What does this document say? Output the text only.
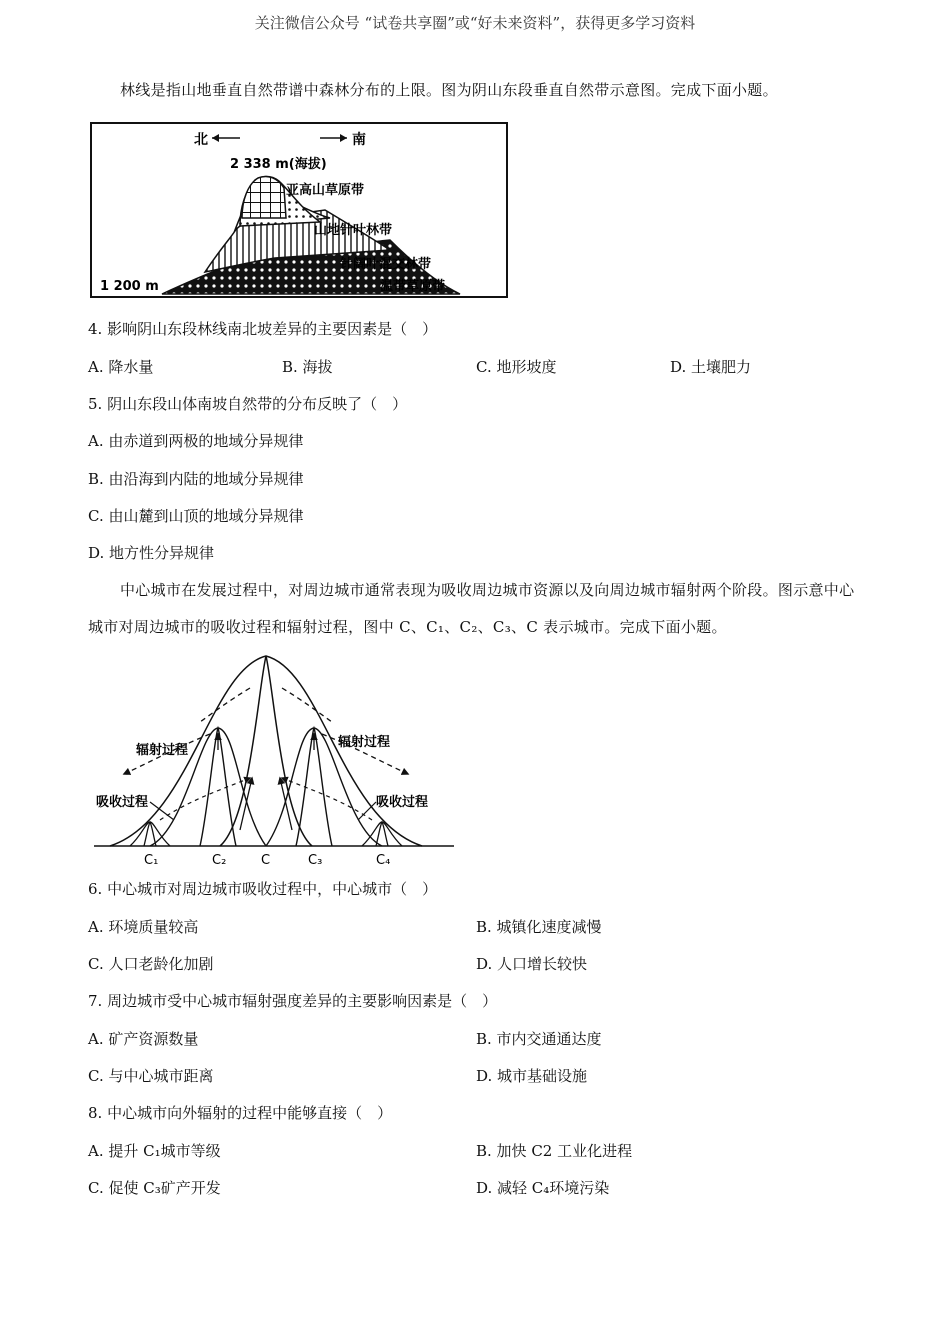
关注微信公众号 “试卷共享圈”或“好未来资料”，获得更多学习资料
林线是指山地垂直自然带谱中森林分布的上限。图为阴山东段垂直自然带示意图。完成下面小题。
北	南
2 338 m(海拔)
亚高山草原带
山地针叶林带
针阔叶混交林带
温带草原带
1 200 m
4. 影响阴山东段林线南北坡差异的主要因素是（　）
A. 降水量	B. 海拔	C. 地形坡度	D. 土壤肥力
5. 阴山东段山体南坡自然带的分布反映了（　）
A. 由赤道到两极的地域分异规律
B. 由沿海到内陆的地域分异规律
C. 由山麓到山顶的地域分异规律
D. 地方性分异规律
中心城市在发展过程中，对周边城市通常表现为吸收周边城市资源以及向周边城市辐射两个阶段。图示意中心城市对周边城市的吸收过程和辐射过程，图中 C、C₁、C₂、C₃、C 表示城市。完成下面小题。
辐射过程
辐射过程
吸收过程	吸收过程
C₁	C₂	C	C₃	C₄
6. 中心城市对周边城市吸收过程中，中心城市（　）
A. 环境质量较高	B. 城镇化速度减慢
C. 人口老龄化加剧	D. 人口增长较快
7. 周边城市受中心城市辐射强度差异的主要影响因素是（　）
A. 矿产资源数量	B. 市内交通通达度
C. 与中心城市距离	D. 城市基础设施
8. 中心城市向外辐射的过程中能够直接（　）
A. 提升 C₁城市等级	B. 加快 C2 工业化进程
C. 促使 C₃矿产开发	D. 减轻 C₄环境污染
